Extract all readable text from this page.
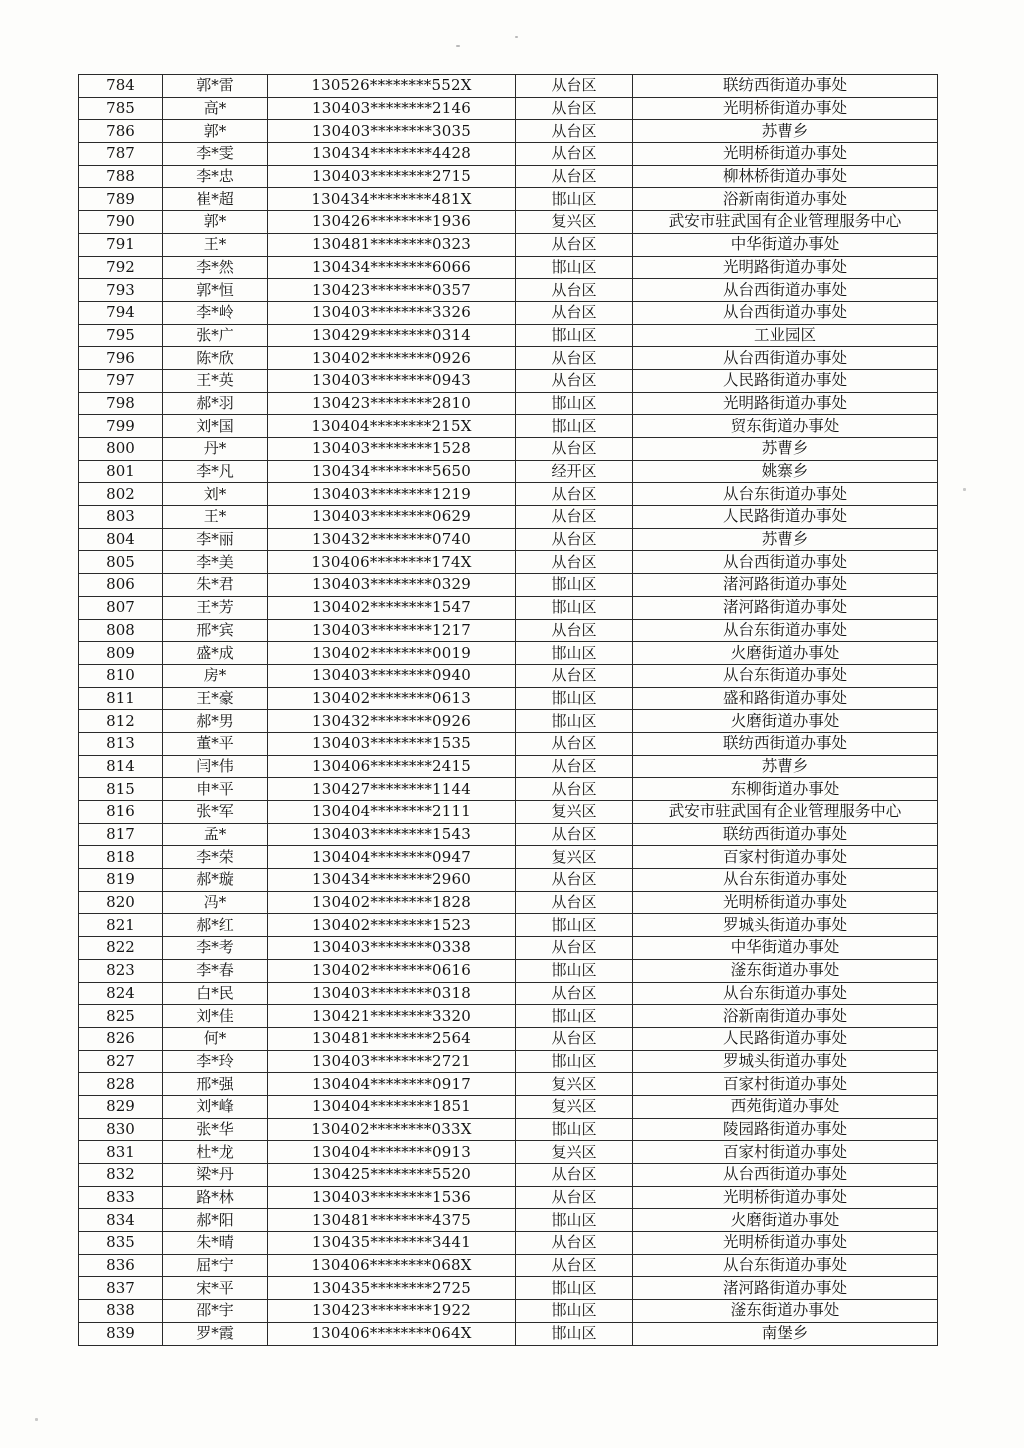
784	郭*雷	130526********552X	从台区	联纺西街道办事处
785	高*	130403********2146	从台区	光明桥街道办事处
786	郭*	130403********3035	从台区	苏曹乡
787	李*雯	130434********4428	从台区	光明桥街道办事处
788	李*忠	130403********2715	从台区	柳林桥街道办事处
789	崔*超	130434********481X	邯山区	浴新南街道办事处
790	郭*	130426********1936	复兴区	武安市驻武国有企业管理服务中心
791	王*	130481********0323	从台区	中华街道办事处
792	李*然	130434********6066	邯山区	光明路街道办事处
793	郭*恒	130423********0357	从台区	从台西街道办事处
794	李*岭	130403********3326	从台区	从台西街道办事处
795	张*广	130429********0314	邯山区	工业园区
796	陈*欣	130402********0926	从台区	从台西街道办事处
797	王*英	130403********0943	从台区	人民路街道办事处
798	郝*羽	130423********2810	邯山区	光明路街道办事处
799	刘*国	130404********215X	邯山区	贸东街道办事处
800	丹*	130403********1528	从台区	苏曹乡
801	李*凡	130434********5650	经开区	姚寨乡
802	刘*	130403********1219	从台区	从台东街道办事处
803	王*	130403********0629	从台区	人民路街道办事处
804	李*丽	130432********0740	从台区	苏曹乡
805	李*美	130406********174X	从台区	从台西街道办事处
806	朱*君	130403********0329	邯山区	渚河路街道办事处
807	王*芳	130402********1547	邯山区	渚河路街道办事处
808	邢*宾	130403********1217	从台区	从台东街道办事处
809	盛*成	130402********0019	邯山区	火磨街道办事处
810	房*	130403********0940	从台区	从台东街道办事处
811	王*豪	130402********0613	邯山区	盛和路街道办事处
812	郝*男	130432********0926	邯山区	火磨街道办事处
813	董*平	130403********1535	从台区	联纺西街道办事处
814	闫*伟	130406********2415	从台区	苏曹乡
815	申*平	130427********1144	从台区	东柳街道办事处
816	张*军	130404********2111	复兴区	武安市驻武国有企业管理服务中心
817	孟*	130403********1543	从台区	联纺西街道办事处
818	李*荣	130404********0947	复兴区	百家村街道办事处
819	郝*璇	130434********2960	从台区	从台东街道办事处
820	冯*	130402********1828	从台区	光明桥街道办事处
821	郝*红	130402********1523	邯山区	罗城头街道办事处
822	李*考	130403********0338	从台区	中华街道办事处
823	李*春	130402********0616	邯山区	滏东街道办事处
824	白*民	130403********0318	从台区	从台东街道办事处
825	刘*佳	130421********3320	邯山区	浴新南街道办事处
826	何*	130481********2564	从台区	人民路街道办事处
827	李*玲	130403********2721	邯山区	罗城头街道办事处
828	邢*强	130404********0917	复兴区	百家村街道办事处
829	刘*峰	130404********1851	复兴区	西苑街道办事处
830	张*华	130402********033X	邯山区	陵园路街道办事处
831	杜*龙	130404********0913	复兴区	百家村街道办事处
832	梁*丹	130425********5520	从台区	从台西街道办事处
833	路*林	130403********1536	从台区	光明桥街道办事处
834	郝*阳	130481********4375	邯山区	火磨街道办事处
835	朱*晴	130435********3441	从台区	光明桥街道办事处
836	屈*宁	130406********068X	从台区	从台东街道办事处
837	宋*平	130435********2725	邯山区	渚河路街道办事处
838	邵*宇	130423********1922	邯山区	滏东街道办事处
839	罗*霞	130406********064X	邯山区	南堡乡
